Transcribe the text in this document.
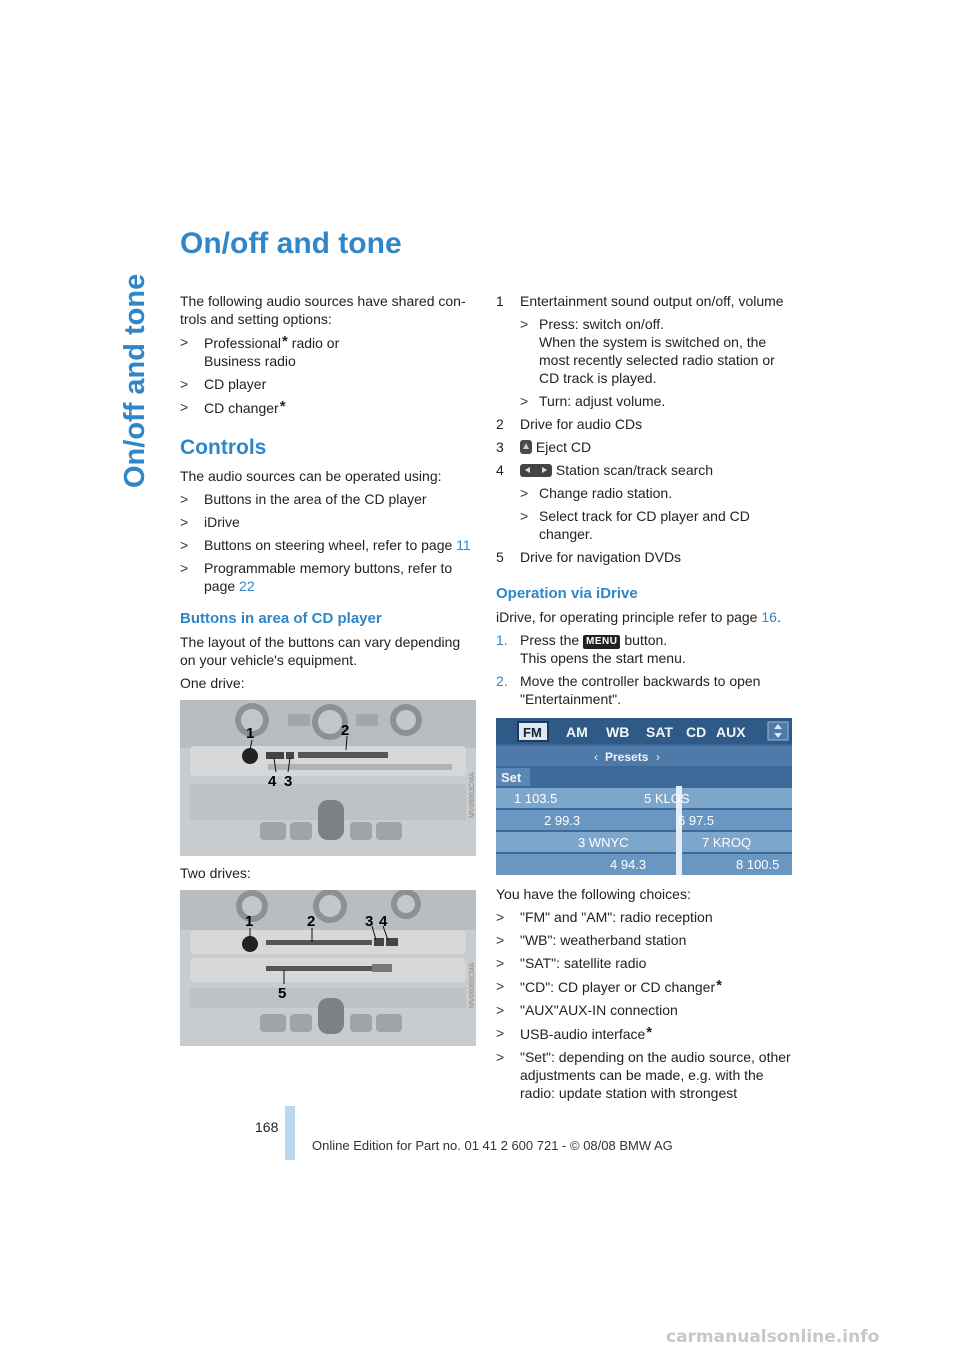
On/off and tone
On/off and tone

The following audio sources have shared con-trols and setting options:

>	Professional* radio or
Business radio
>	CD player
>	CD changer*
Controls

The audio sources can be operated using:

>	Buttons in the area of the CD player
>	iDrive
>	Buttons on steering wheel, refer to page 11
>	Programmable memory buttons, refer to page 22
Buttons in area of CD player

The layout of the buttons can vary depending on your vehicle's equipment.

One drive:

1	2
4 3	MV06063CMA

Two drives:

1	2	3 4
5	MV06065CMA
1	Entertainment sound output on/off, volume
> Press: switch on/off.
When the system is switched on, the most recently selected radio station or CD track is played.
> Turn: adjust volume.
2	Drive for audio CDs
3	Eject CD
4	Station scan/track search
> Change radio station.
> Select track for CD player and CD changer.
5	Drive for navigation DVDs
Operation via iDrive

iDrive, for operating principle refer to page 16.

1. Press the MENU button.
This opens the start menu.
2. Move the controller backwards to open "Entertainment".
FM AM WB SAT CD AUX
‹ Presets ›
Set
1 103.5
2 99.3
3 WNYC
4 94.3
5 KLOS
6 97.5
7 KROQ
8 100.5

You have the following choices:

>	"FM" and "AM": radio reception
>	"WB": weatherband station
>	"SAT": satellite radio
>	"CD": CD player or CD changer*
>	"AUX"AUX-IN connection
>	USB-audio interface*
>	"Set": depending on the audio source, other adjustments can be made, e.g. with the radio: update station with strongest
168
Online Edition for Part no. 01 41 2 600 721 - © 08/08 BMW AG
carmanualsonline.info
